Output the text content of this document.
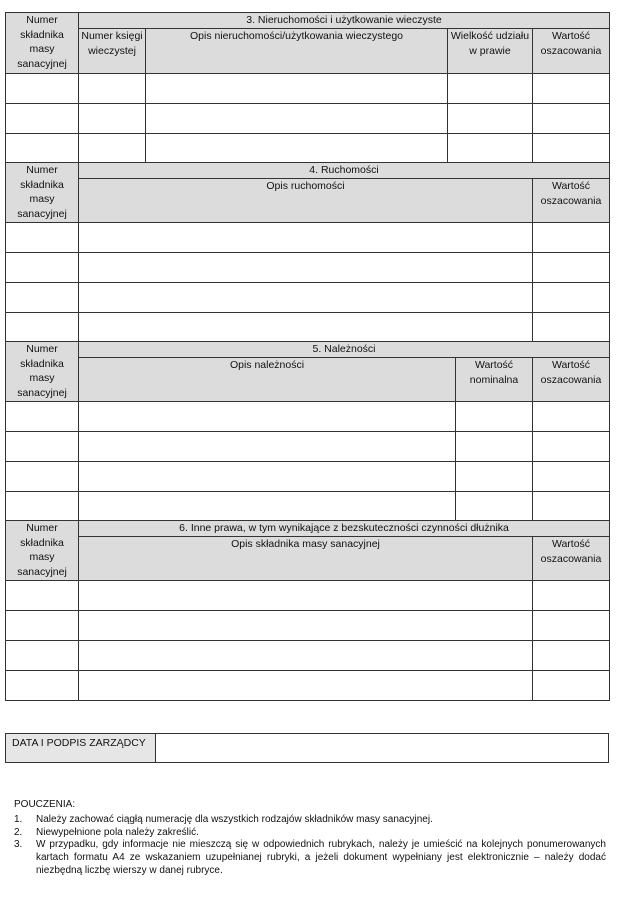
Numer składnika masy sanacyjnej	3. Nieruchomości i użytkowanie wieczyste			
	Numer księgi wieczystej	Opis nieruchomości/użytkowania wieczystego	Wielkość udziału w prawie	Wartość oszacowania

Numer składnika masy sanacyjnej	4. Ruchomości	
	Opis ruchomości	Wartość oszacowania

Numer składnika masy sanacyjnej	5. Należności		
	Opis należności	Wartość nominalna	Wartość oszacowania

Numer składnika masy sanacyjnej	6. Inne prawa, w tym wynikające z bezskuteczności czynności dłużnika	
	Opis składnika masy sanacyjnej	Wartość oszacowania

DATA I PODPIS ZARZĄDCY	
POUCZENIA:
1. Należy zachować ciągłą numerację dla wszystkich rodzajów składników masy sanacyjnej.
2. Niewypełnione pola należy zakreślić.
3. W przypadku, gdy informacje nie mieszczą się w odpowiednich rubrykach, należy je umieścić na kolejnych ponumerowanych kartach formatu A4 ze wskazaniem uzupełnianej rubryki, a jeżeli dokument wypełniany jest elektronicznie – należy dodać niezbędną liczbę wierszy w danej rubryce.
